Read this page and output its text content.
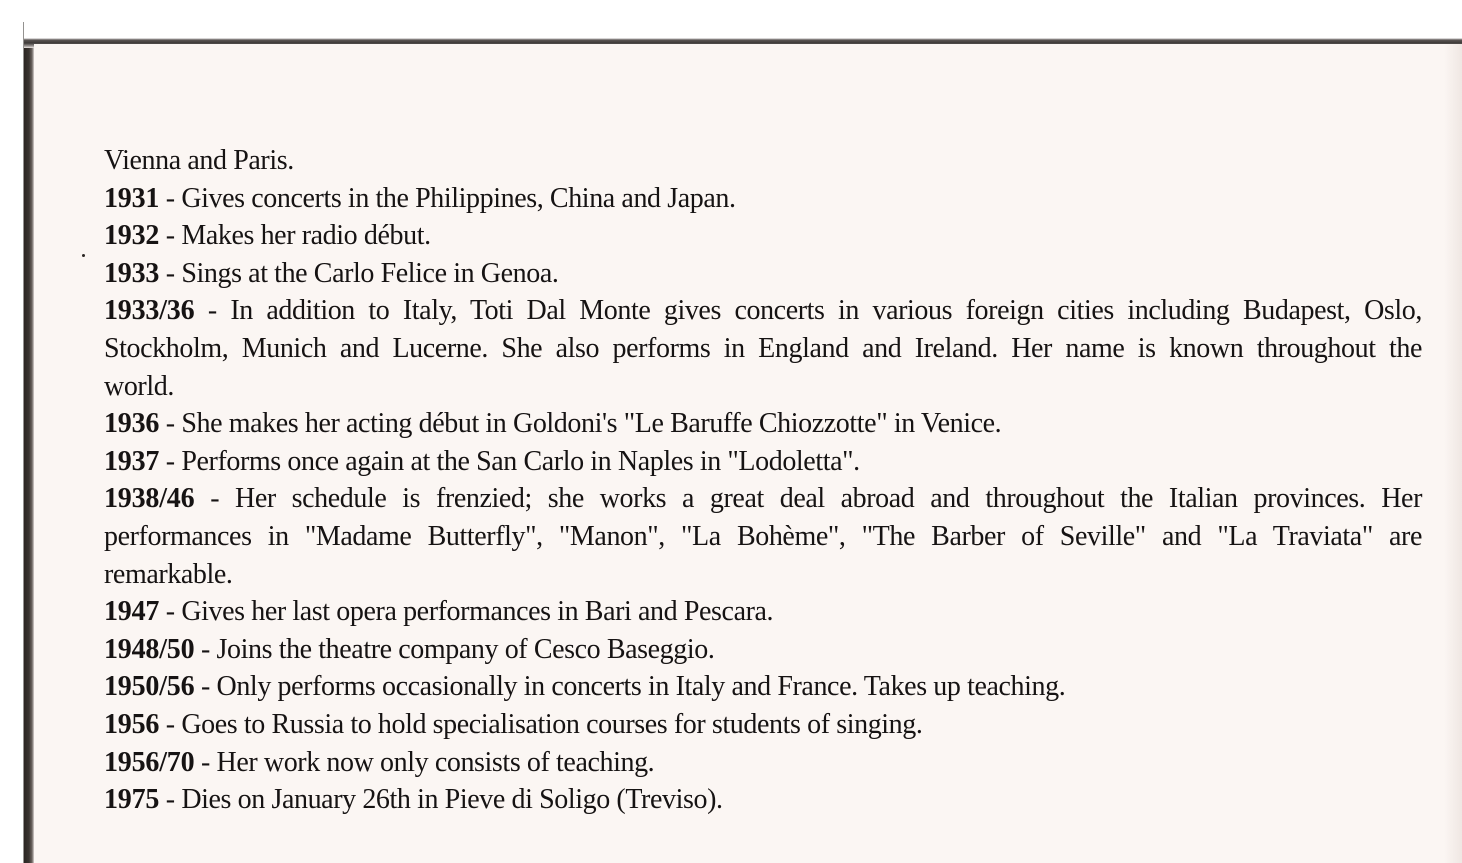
Vienna and Paris.

1931 - Gives concerts in the Philippines, China and Japan.

1932 - Makes her radio début.

1933 - Sings at the Carlo Felice in Genoa.

1933/36 - In addition to Italy, Toti Dal Monte gives concerts in various foreign cities including Budapest, Oslo, Stockholm, Munich and Lucerne. She also performs in England and Ireland. Her name is known throughout the world.

1936 - She makes her acting début in Goldoni's "Le Baruffe Chiozzotte" in Venice.

1937 - Performs once again at the San Carlo in Naples in "Lodoletta".

1938/46 - Her schedule is frenzied; she works a great deal abroad and throughout the Italian provinces. Her performances in "Madame Butterfly", "Manon", "La Bohème", "The Barber of Seville" and "La Traviata" are remarkable.

1947 - Gives her last opera performances in Bari and Pescara.

1948/50 - Joins the theatre company of Cesco Baseggio.

1950/56 - Only performs occasionally in concerts in Italy and France. Takes up teaching.

1956 - Goes to Russia to hold specialisation courses for students of singing.

1956/70 - Her work now only consists of teaching.

1975 - Dies on January 26th in Pieve di Soligo (Treviso).
